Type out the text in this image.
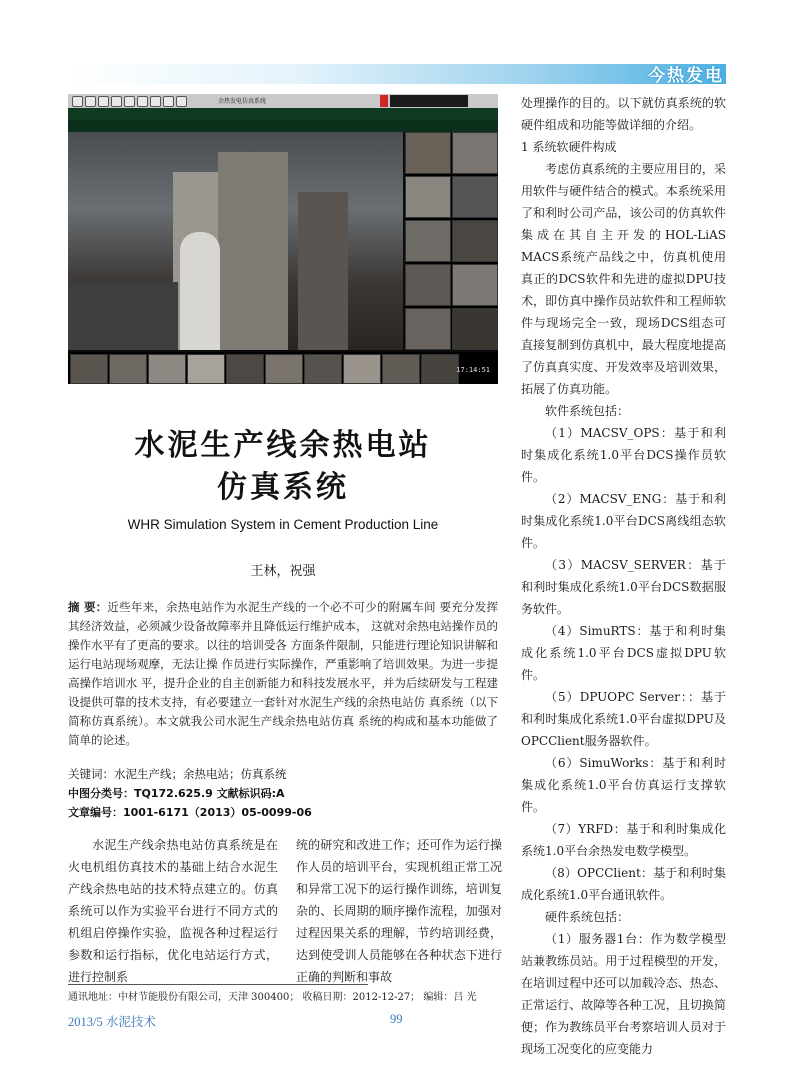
今热发电
余热发电仿真系统
17:14:51
水泥生产线余热电站
仿真系统
WHR Simulation System in Cement Production Line
王林，祝强
摘 要：近些年来，余热电站作为水泥生产线的一个必不可少的附属车间 要充分发挥其经济效益，必须减少设备故障率并且降低运行维护成本， 这就对余热电站操作员的操作水平有了更高的要求。以往的培训受各 方面条件限制，只能进行理论知识讲解和运行电站现场观摩，无法让操 作员进行实际操作，严重影响了培训效果。为进一步提高操作培训水 平，提升企业的自主创新能力和科技发展水平，并为后续研发与工程建 设提供可靠的技术支持，有必要建立一套针对水泥生产线的余热电站仿 真系统（以下简称仿真系统）。本文就我公司水泥生产线余热电站仿真 系统的构成和基本功能做了简单的论述。
关键词：水泥生产线；余热电站；仿真系统
中图分类号：TQ172.625.9 文献标识码:A
文章编号：1001-6171（2013）05-0099-06

水泥生产线余热电站仿真系统是在火电机组仿真技术的基础上结合水泥生产线余热电站的技术特点建立的。仿真系统可以作为实验平台进行不同方式的机组启停操作实验，监视各种过程运行参数和运行指标，优化电站运行方式，进行控制系

统的研究和改进工作；还可作为运行操作人员的培训平台，实现机组正常工况和异常工况下的运行操作训练，培训复杂的、长周期的顺序操作流程，加强对过程因果关系的理解，节约培训经费，达到使受训人员能够在各种状态下进行正确的判断和事故

处理操作的目的。以下就仿真系统的软硬件组成和功能等做详细的介绍。

1 系统软硬件构成

考虑仿真系统的主要应用目的，采用软件与硬件结合的模式。本系统采用了和利时公司产品，该公司的仿真软件集成在其自主开发的HOL-LiAS MACS系统产品线之中，仿真机使用真正的DCS软件和先进的虚拟DPU技术，即仿真中操作员站软件和工程师软件与现场完全一致，现场DCS组态可直接复制到仿真机中，最大程度地提高了仿真真实度、开发效率及培训效果，拓展了仿真功能。

软件系统包括：

（1）MACSV_OPS：基于和利时集成化系统1.0平台DCS操作员软件。

（2）MACSV_ENG：基于和利时集成化系统1.0平台DCS离线组态软件。

（3）MACSV_SERVER：基于和利时集成化系统1.0平台DCS数据服务软件。

（4）SimuRTS：基于和利时集成化系统1.0平台DCS虚拟DPU软件。

（5）DPUOPC Server：：基于和利时集成化系统1.0平台虚拟DPU及OPCClient服务器软件。

（6）SimuWorks：基于和利时集成化系统1.0平台仿真运行支撑软件。

（7）YRFD：基于和利时集成化系统1.0平台余热发电数学模型。

（8）OPCClient：基于和利时集成化系统1.0平台通讯软件。

硬件系统包括：

（1）服务器1台：作为数学模型站兼教练员站。用于过程模型的开发，在培训过程中还可以加载冷态、热态、正常运行、故障等各种工况，且切换简便；作为教练员平台考察培训人员对于现场工况变化的应变能力

通讯地址：中材节能股份有限公司，天津 300400； 收稿日期：2012-12-27； 编辑：吕 光
2013/5 水泥技术	99
